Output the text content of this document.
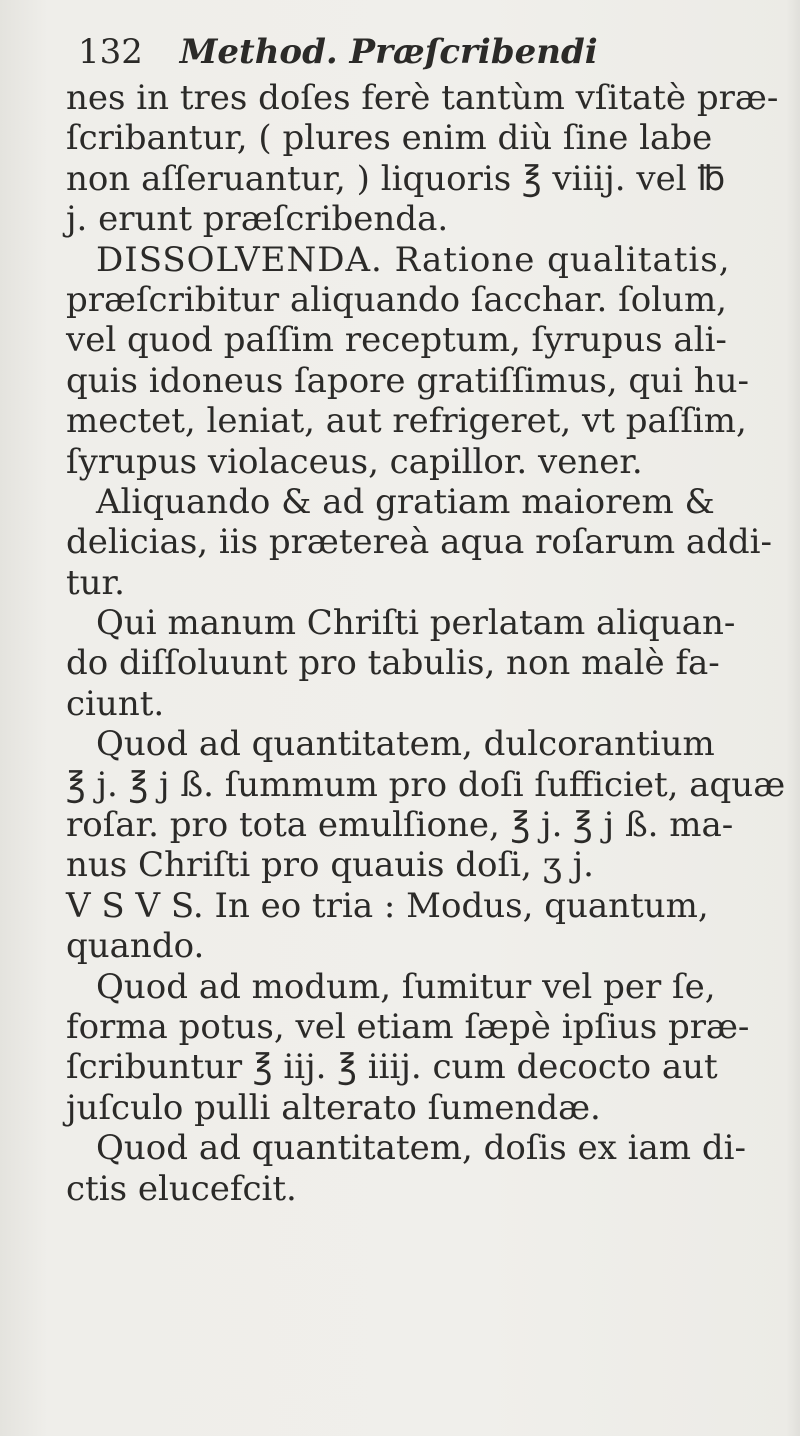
132 Method. Præſcribendi
nes in tres doſes ferè tantùm vſitatè præ-
ſcribantur, ( plures enim diù ſine labe
non aſſeruantur, ) liquoris ℥ viiij. vel ℔
j. erunt præſcribenda.
DISSOLVENDA. Ratione qualitatis,
præſcribitur aliquando ſacchar. ſolum,
vel quod paſſim receptum, ſyrupus ali-
quis idoneus ſapore gratiſſimus, qui hu-
mectet, leniat, aut refrigeret, vt paſſim,
ſyrupus violaceus, capillor. vener.
Aliquando & ad gratiam maiorem &
delicias, iis prætereà aqua roſarum addi-
tur.
Qui manum Chriſti perlatam aliquan-
do diſſoluunt pro tabulis, non malè fa-
ciunt.
Quod ad quantitatem, dulcorantium
℥ j. ℥ j ß. ſummum pro doſi ſufficiet, aquæ
roſar. pro tota emulſione, ℥ j. ℥ j ß. ma-
nus Chriſti pro quauis doſi, ʒ j.
V S V S. In eo tria : Modus, quantum,
quando.
Quod ad modum, ſumitur vel per ſe,
forma potus, vel etiam ſæpè ipſius præ-
ſcribuntur ℥ iij. ℥ iiij. cum decocto aut
juſculo pulli alterato ſumendæ.
Quod ad quantitatem, doſis ex iam di-
ctis elucefcit.
